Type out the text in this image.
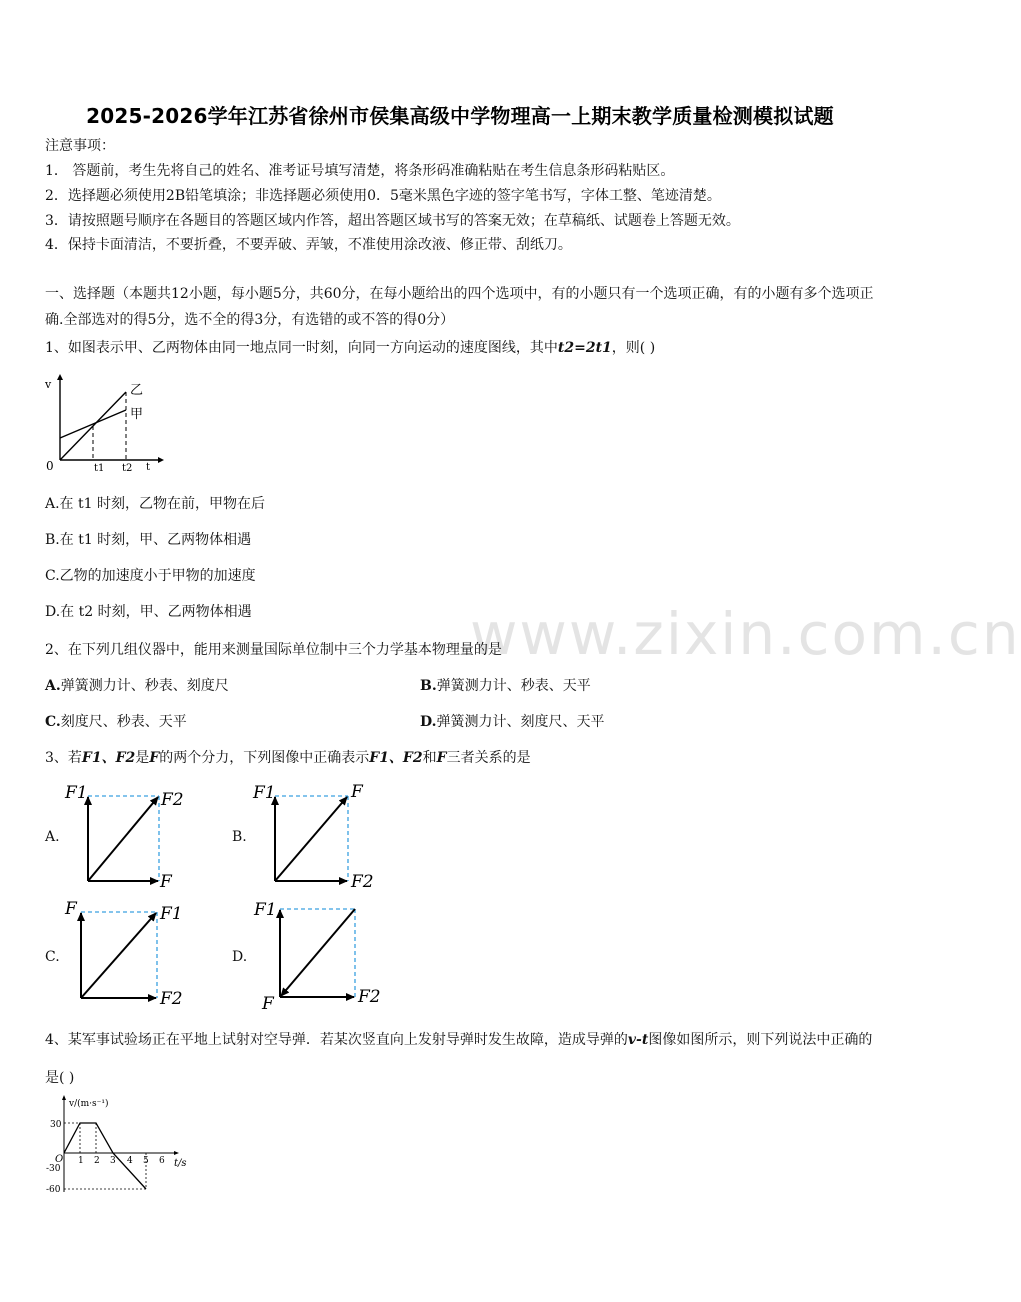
2025-2026学年江苏省徐州市侯集高级中学物理高一上期末教学质量检测模拟试题
注意事项：
1． 答题前，考生先将自己的姓名、准考证号填写清楚，将条形码准确粘贴在考生信息条形码粘贴区。
2．选择题必须使用2B铅笔填涂；非选择题必须使用0．5毫米黑色字迹的签字笔书写，字体工整、笔迹清楚。
3．请按照题号顺序在各题目的答题区域内作答，超出答题区域书写的答案无效；在草稿纸、试题卷上答题无效。
4．保持卡面清洁，不要折叠，不要弄破、弄皱，不准使用涂改液、修正带、刮纸刀。
一、选择题（本题共12小题，每小题5分，共60分，在每小题给出的四个选项中，有的小题只有一个选项正确，有的小题有多个选项正确.全部选对的得5分，选不全的得3分，有选错的或不答的得0分）
1、如图表示甲、乙两物体由同一地点同一时刻，向同一方向运动的速度图线，其中t2=2t1，则( )
v
0	t1 t2 t
乙
甲
A.在 t1 时刻，乙物在前，甲物在后
B.在 t1 时刻，甲、乙两物体相遇
C.乙物的加速度小于甲物的加速度
D.在 t2 时刻，甲、乙两物体相遇	www.zixin.com.cn
2、在下列几组仪器中，能用来测量国际单位制中三个力学基本物理量的是
A.弹簧测力计、秒表、刻度尺	B.弹簧测力计、秒表、天平
C.刻度尺、秒表、天平	D.弹簧测力计、刻度尺、天平
3、若F1、F2是F的两个分力，下列图像中正确表示F1、F2和F三者关系的是
A.	B.
C.	D.
F1	F2
F
F1	F
F2
F	F1
F2
F1
F	F2
4、某军事试验场正在平地上试射对空导弹．若某次竖直向上发射导弹时发生故障，造成导弹的v-t图像如图所示，则下列说法中正确的是( )
v/(m·s⁻¹)
t/s
O
30
-30
-60
1 2 3 4 5 6
